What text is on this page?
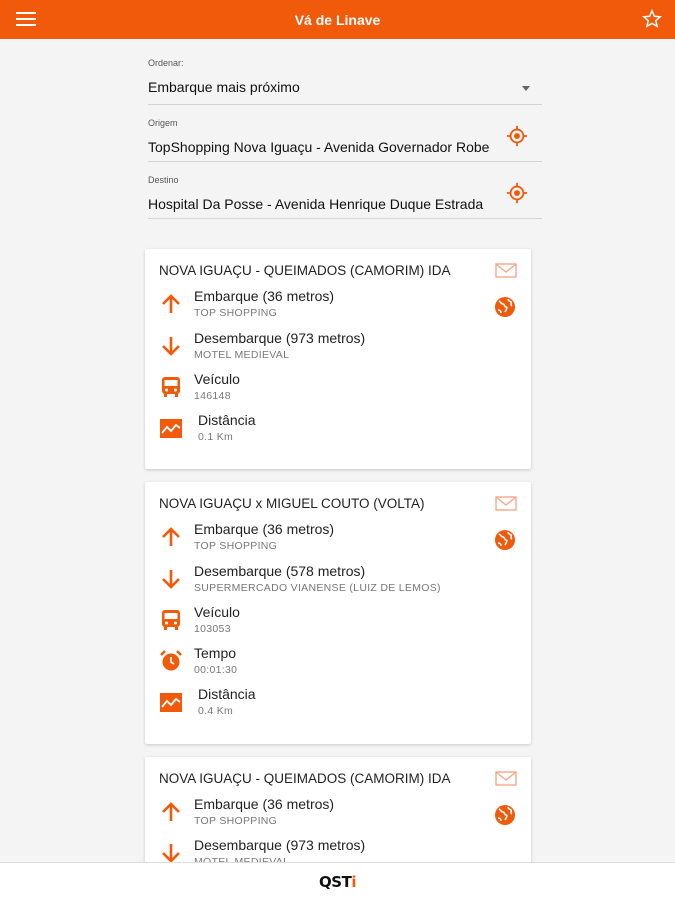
Vá de Linave
Ordenar:
Embarque mais próximo
Origem
TopShopping Nova Iguaçu - Avenida Governador Robe
Destino
Hospital Da Posse - Avenida Henrique Duque Estrada
NOVA IGUAÇU - QUEIMADOS (CAMORIM) IDA
Embarque (36 metros)
TOP SHOPPING
Desembarque (973 metros)
MOTEL MEDIEVAL
Veículo
146148
Distância
0.1 Km
NOVA IGUAÇU x MIGUEL COUTO (VOLTA)
Embarque (36 metros)
TOP SHOPPING
Desembarque (578 metros)
SUPERMERCADO VIANENSE (LUIZ DE LEMOS)
Veículo
103053
Tempo
00:01:30
Distância
0.4 Km
NOVA IGUAÇU - QUEIMADOS (CAMORIM) IDA
Embarque (36 metros)
TOP SHOPPING
Desembarque (973 metros)
QSTi
